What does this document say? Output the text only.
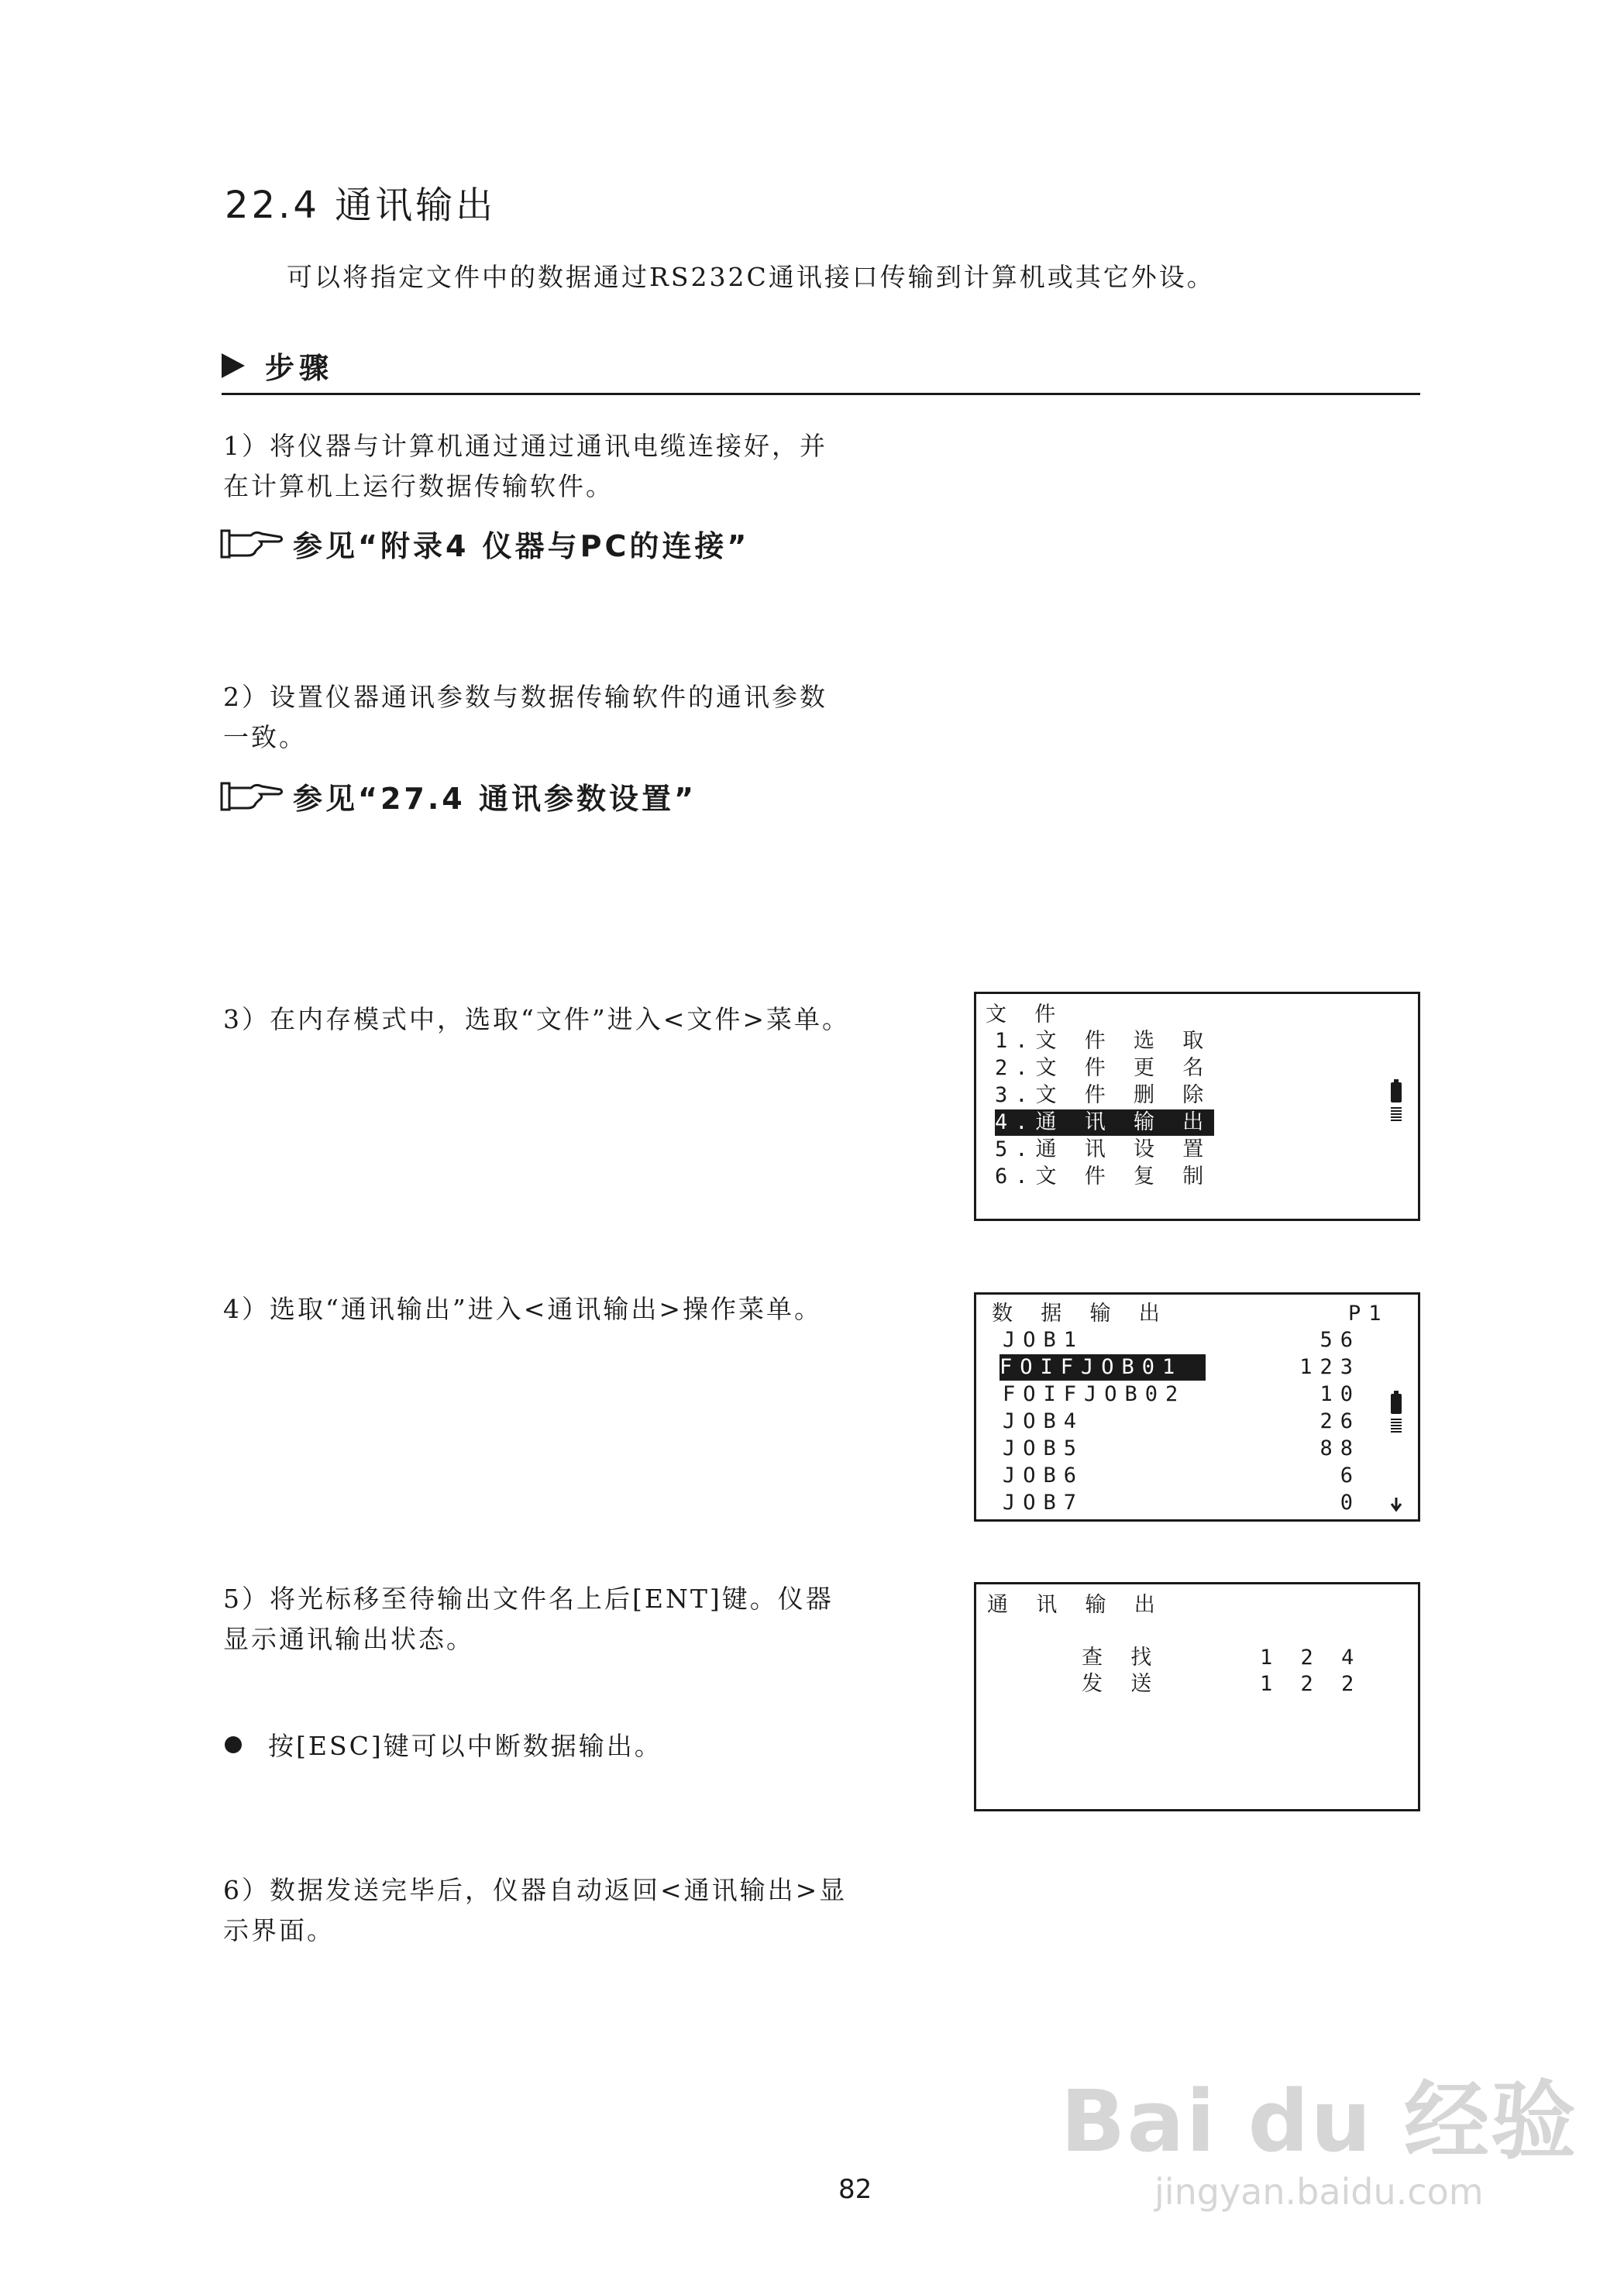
22.4 通讯输出
可以将指定文件中的数据通过RS232C通讯接口传输到计算机或其它外设。
步骤
1）将仪器与计算机通过通过通讯电缆连接好，并
在计算机上运行数据传输软件。
参见“附录4 仪器与PC的连接”
2）设置仪器通讯参数与数据传输软件的通讯参数
一致。
参见“27.4 通讯参数设置”
3）在内存模式中，选取“文件”进入<文件>菜单。	文 件
1.文 件 选 取
2.文 件 更 名
3.文 件 删 除
4.通 讯 输 出
5.通 讯 设 置
6.文 件 复 制
4）选取“通讯输出”进入<通讯输出>操作菜单。	数 据 输 出	P1
JOB1	56
FOIFJOB01	123
FOIFJOB02	10
JOB4	26
JOB5	88
JOB6	6
JOB7	0
5）将光标移至待输出文件名上后[ENT]键。仪器
显示通讯输出状态。
按[ESC]键可以中断数据输出。
通 讯 输 出
查 找	1 2 4
发 送	1 2 2
6）数据发送完毕后，仪器自动返回<通讯输出>显
示界面。
82
Bai du 经验
jingyan.baidu.com
